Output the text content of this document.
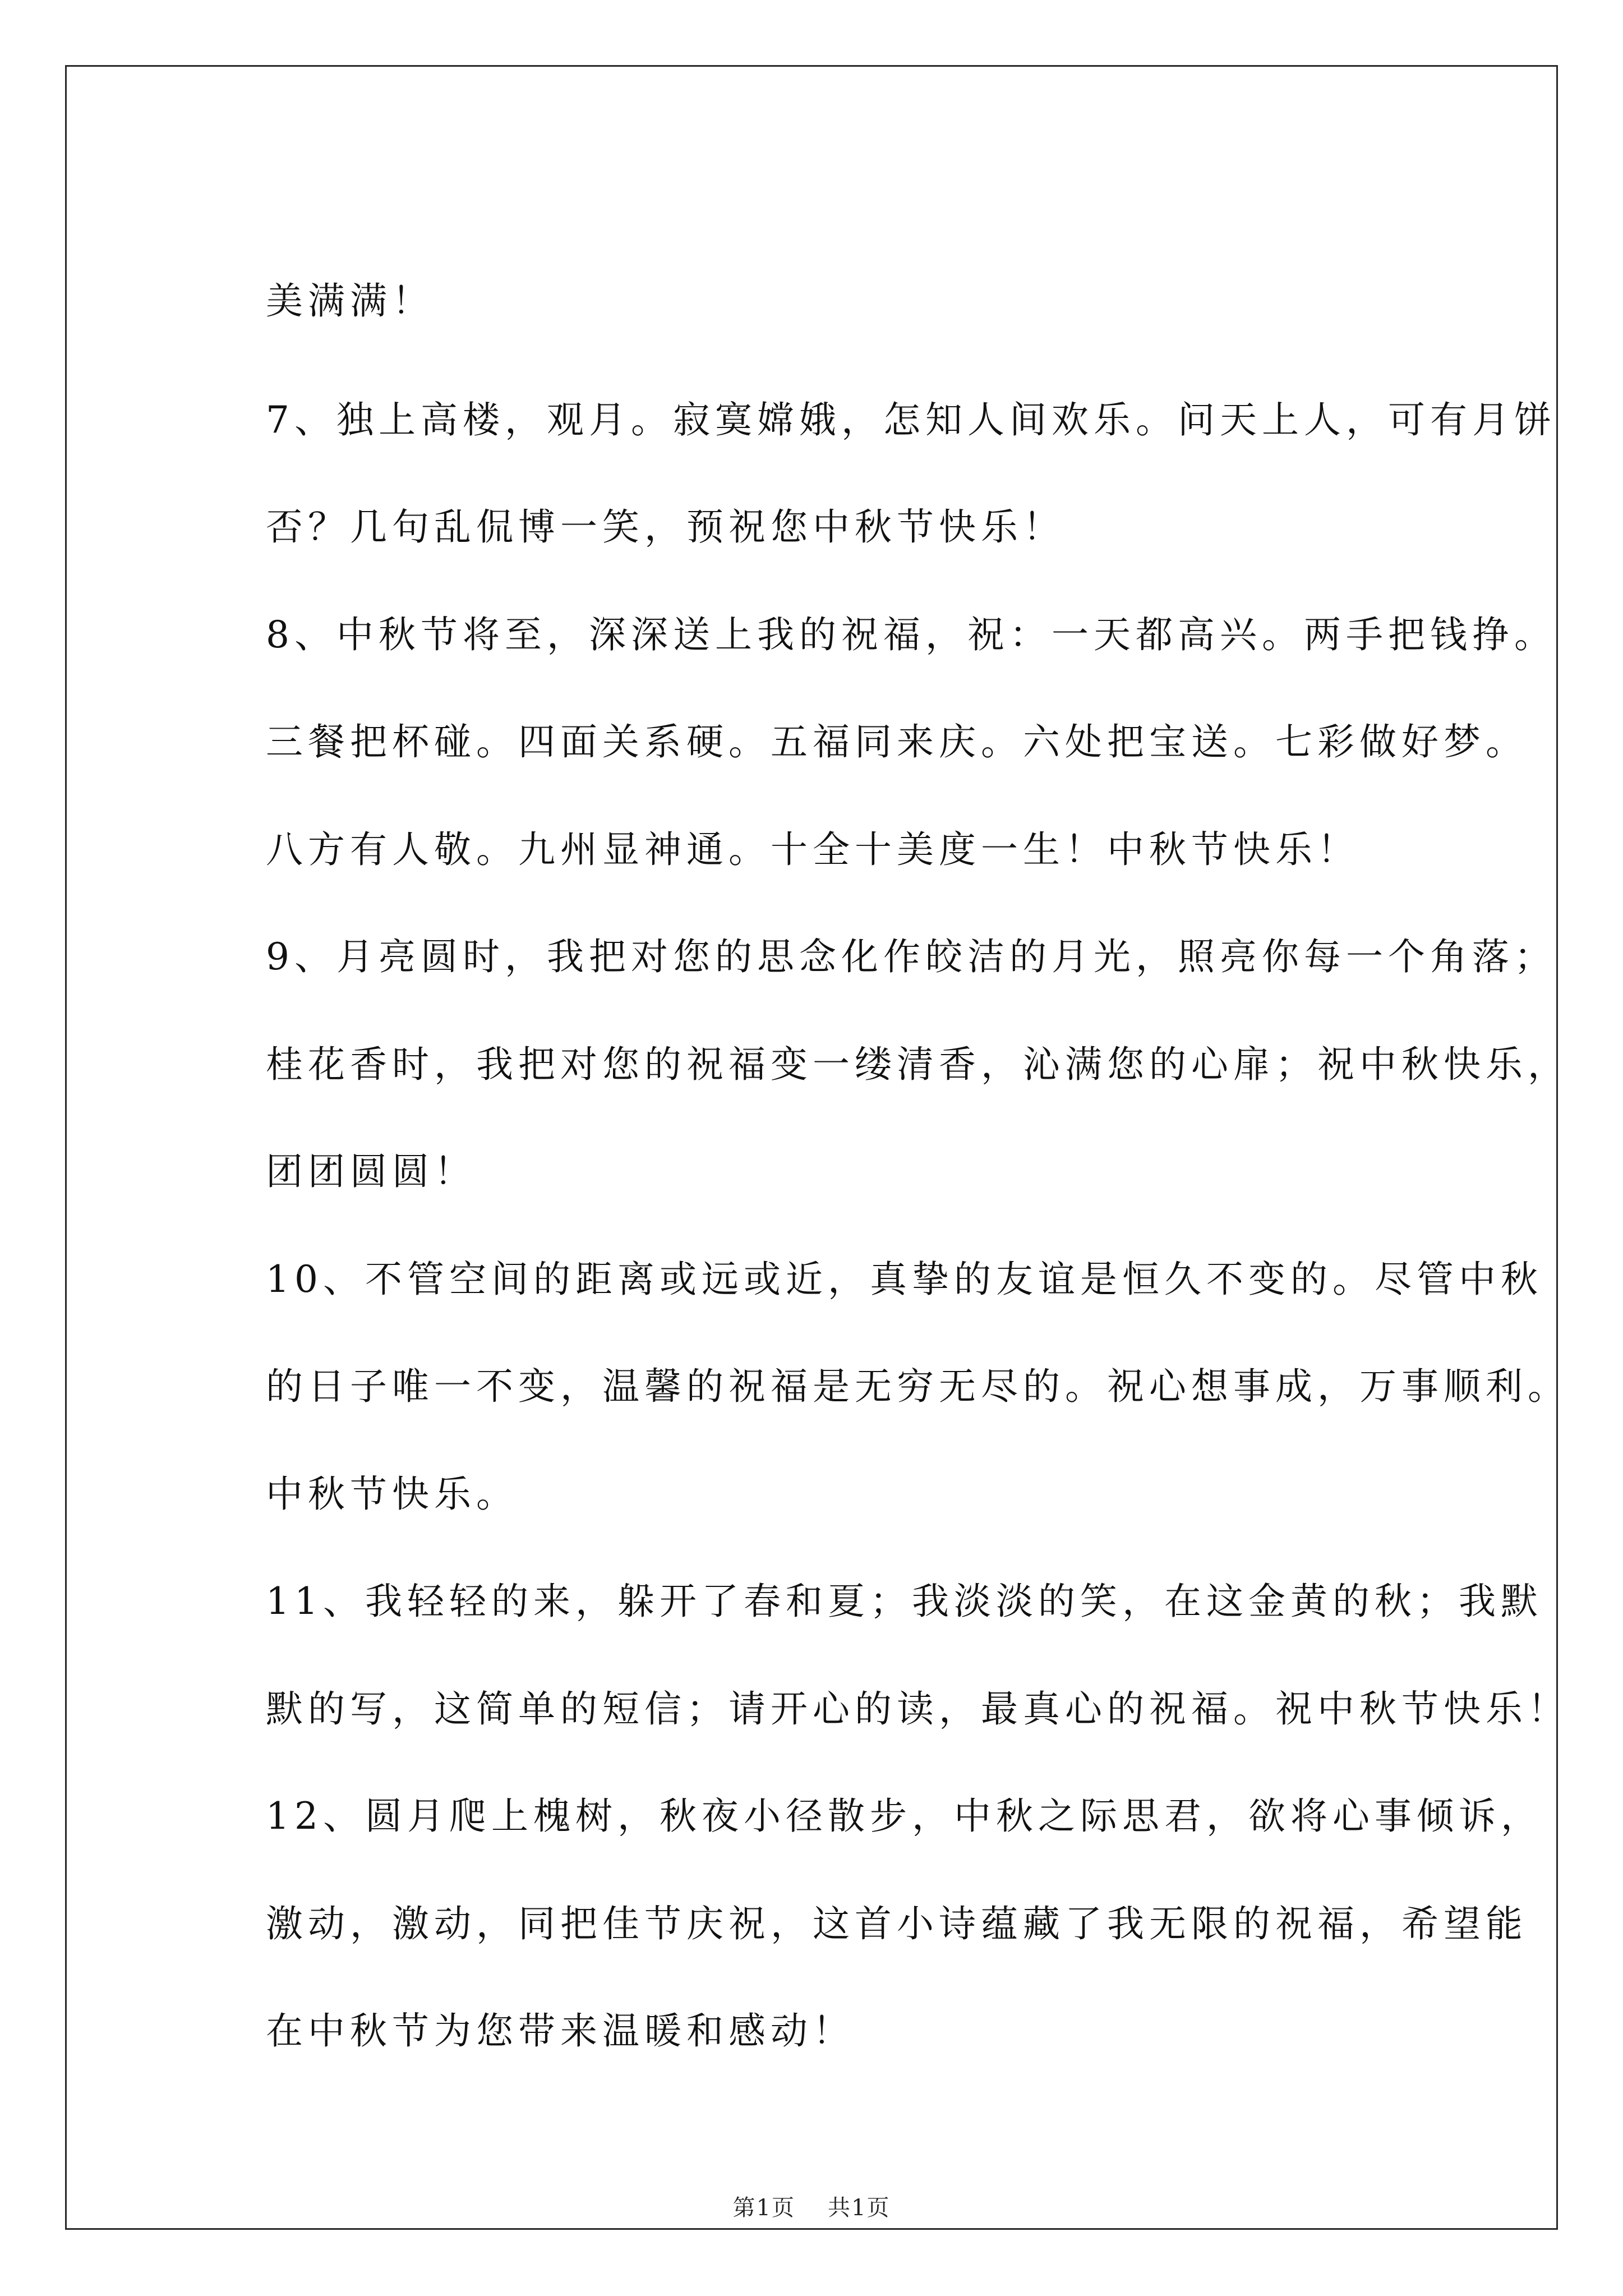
美满满！
7、独上高楼，观月。寂寞嫦娥，怎知人间欢乐。问天上人，可有月饼
否？几句乱侃博一笑，预祝您中秋节快乐！
8、中秋节将至，深深送上我的祝福，祝：一天都高兴。两手把钱挣。
三餐把杯碰。四面关系硬。五福同来庆。六处把宝送。七彩做好梦。
八方有人敬。九州显神通。十全十美度一生！中秋节快乐！
9、月亮圆时，我把对您的思念化作皎洁的月光，照亮你每一个角落；
桂花香时，我把对您的祝福变一缕清香，沁满您的心扉；祝中秋快乐，
团团圆圆！
10、不管空间的距离或远或近，真挚的友谊是恒久不变的。尽管中秋
的日子唯一不变，温馨的祝福是无穷无尽的。祝心想事成，万事顺利。
中秋节快乐。
11、我轻轻的来，躲开了春和夏；我淡淡的笑，在这金黄的秋；我默
默的写，这简单的短信；请开心的读，最真心的祝福。祝中秋节快乐！
12、圆月爬上槐树，秋夜小径散步，中秋之际思君，欲将心事倾诉，
激动，激动，同把佳节庆祝，这首小诗蕴藏了我无限的祝福，希望能
在中秋节为您带来温暖和感动！
第1页 共1页
